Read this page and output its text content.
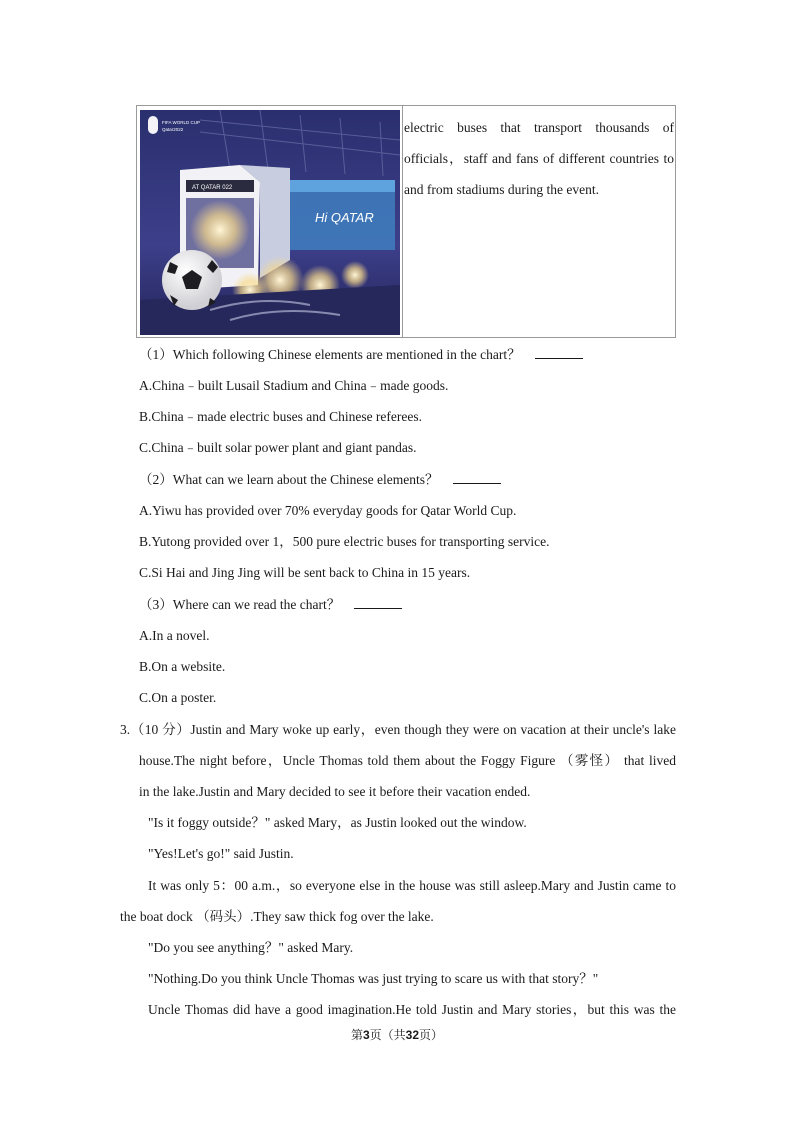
FIFA WORLD CUP
Qatar2022
AT QATAR 022
Hi QATAR
electric buses that transport thousands of
officials，staff and fans of different countries to
and from stadiums during the event.
（1）Which following Chinese elements are mentioned in the chart？
A.China﹣built Lusail Stadium and China﹣made goods.
B.China﹣made electric buses and Chinese referees.
C.China﹣built solar power plant and giant pandas.
（2）What can we learn about the Chinese elements？
A.Yiwu has provided over 70% everyday goods for Qatar World Cup.
B.Yutong provided over 1，500 pure electric buses for transporting service.
C.Si Hai and Jing Jing will be sent back to China in 15 years.
（3）Where can we read the chart？
A.In a novel.
B.On a website.
C.On a poster.
3.（10 分）Justin and Mary woke up early，even though they were on vacation at their uncle's lake
house.The night before，Uncle Thomas told them about the Foggy Figure （雾怪） that lived
in the lake.Justin and Mary decided to see it before their vacation ended.
"Is it foggy outside？" asked Mary，as Justin looked out the window.
"Yes!Let's go!" said Justin.
It was only 5：00 a.m.，so everyone else in the house was still asleep.Mary and Justin came to
the boat dock （码头）.They saw thick fog over the lake.
"Do you see anything？" asked Mary.
"Nothing.Do you think Uncle Thomas was just trying to scare us with that story？"
Uncle Thomas did have a good imagination.He told Justin and Mary stories，but this was the
第3页（共32页）
